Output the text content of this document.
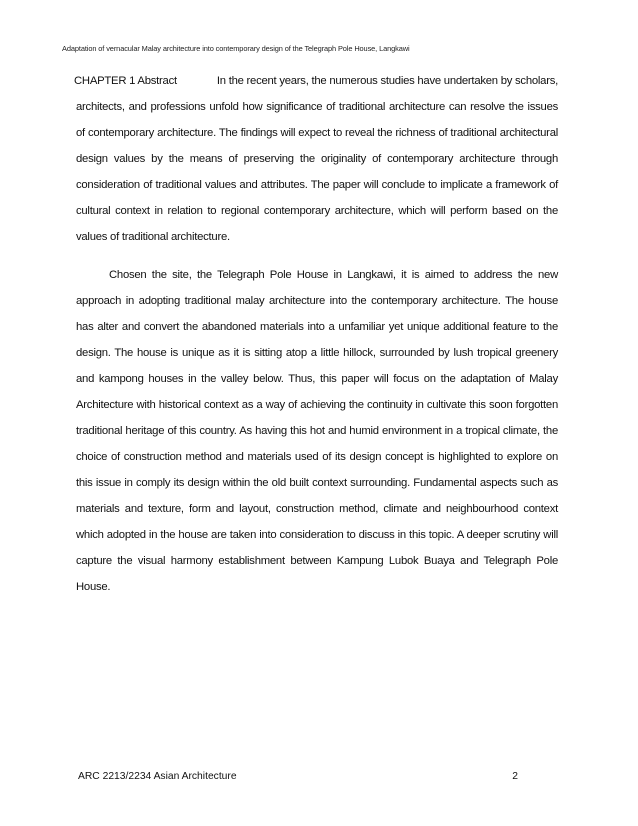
Adaptation of vernacular Malay architecture into contemporary design of the Telegraph Pole House, Langkawi

CHAPTER 1 Abstract	In the recent years, the numerous studies have undertaken by scholars, architects, and professions unfold how significance of traditional architecture can resolve the issues of contemporary architecture. The findings will expect to reveal the richness of traditional architectural design values by the means of preserving the originality of contemporary architecture through consideration of traditional values and attributes. The paper will conclude to implicate a framework of cultural context in relation to regional contemporary architecture, which will perform based on the values of traditional architecture.

Chosen the site, the Telegraph Pole House in Langkawi, it is aimed to address the new approach in adopting traditional malay architecture into the contemporary architecture. The house has alter and convert the abandoned materials into a unfamiliar yet unique additional feature to the design. The house is unique as it is sitting atop a little hillock, surrounded by lush tropical greenery and kampong houses in the valley below. Thus, this paper will focus on the adaptation of Malay Architecture with historical context as a way of achieving the continuity in cultivate this soon forgotten traditional heritage of this country. As having this hot and humid environment in a tropical climate, the choice of construction method and materials used of its design concept is highlighted to explore on this issue in comply its design within the old built context surrounding. Fundamental aspects such as materials and texture, form and layout, construction method, climate and neighbourhood context which adopted in the house are taken into consideration to discuss in this topic. A deeper scrutiny will capture the visual harmony establishment between Kampung Lubok Buaya and Telegraph Pole House.

ARC 2213/2234 Asian Architecture	2
